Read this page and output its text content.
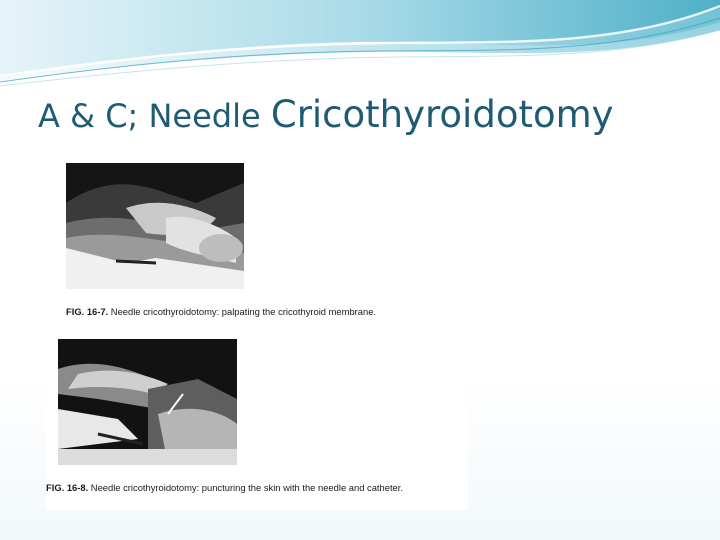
A & C; Needle Cricothyroidotomy

FIG. 16-7. Needle cricothyroidotomy: palpating the cricothyroid membrane.

FIG. 16-8. Needle cricothyroidotomy: puncturing the skin with the needle and catheter.
